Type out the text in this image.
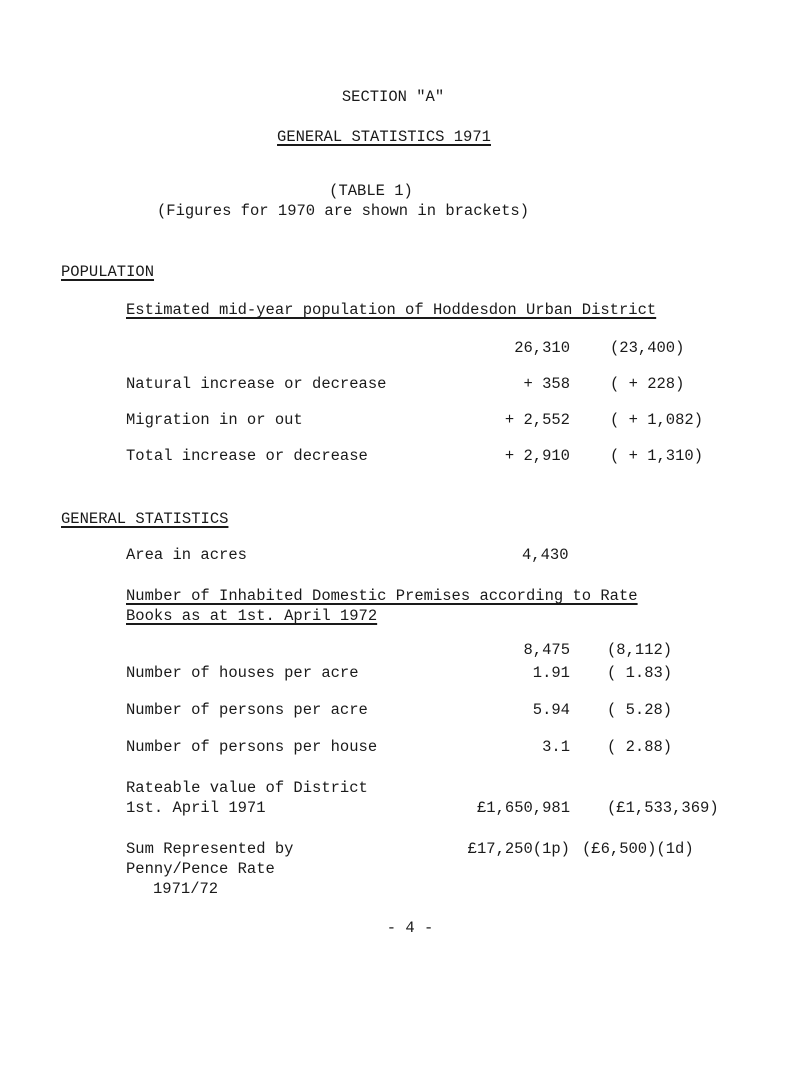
SECTION "A"
GENERAL STATISTICS 1971
(TABLE 1)
(Figures for 1970 are shown in brackets)
POPULATION
Estimated mid-year population of Hoddesdon Urban District
26,310	(23,400)
Natural increase or decrease	+ 358	( + 228)
Migration in or out	+ 2,552	( + 1,082)
Total increase or decrease	+ 2,910	( + 1,310)
GENERAL STATISTICS
Area in acres	4,430
Number of Inhabited Domestic Premises according to Rate
Books as at 1st. April 1972
8,475 (8,112)
Number of houses per acre	1.91 ( 1.83)
Number of persons per acre	5.94 ( 5.28)
Number of persons per house	3.1 ( 2.88)
Rateable value of District
1st. April 1971	£1,650,981 (£1,533,369)
Sum Represented by
Penny/Pence Rate
1971/72
£17,250(1p) (£6,500)(1d)
- 4 -
